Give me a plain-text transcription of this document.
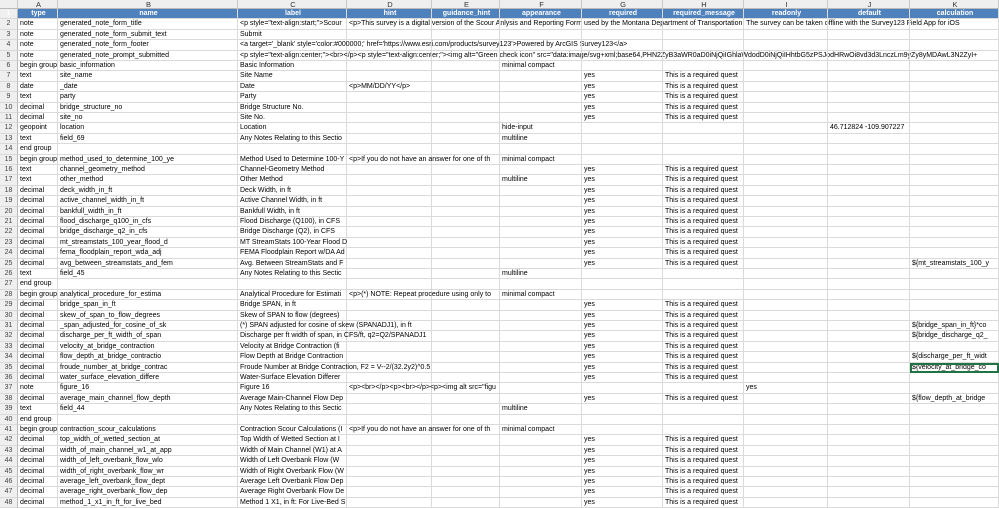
A	B	C	D	E	F	G	H	I	J	K
1	type	name	label	hint	guidance_hint	appearance	required	required_message	readonly	default	calculation
2	note	generated_note_form_title	<p style="text-align:start;">Scour	<p>This survey is a digital version of the Scour Anlysis and Reporting Form used by the Montana Department of Transportation. The survey can be taken offline with the Survey123 Field App for iOS
3	note	generated_note_form_submit_text	Submit
4	note	generated_note_form_footer	<a target='_blank' style='color:#000000;' href='https://www.esri.com/products/survey123'>Powered by ArcGIS Survey123</a>
5	note	generated_note_prompt_submitted	<p style="text-align:center;"><br></p><p style="text-align:center;"><img alt="Green check icon" src="data:image/svg+xml;base64,PHN2ZyB3aWR0aD0iNjQiIGhlaWdodD0iNjQiIHhtbG5zPSJodHRwOi8vd3d3LnczLm9yZy8yMDAwL3N2ZyI+
6	begin group basic_information	Basic Information	minimal compact
7	text	site_name	Site Name	yes	This is a required quest
8	date	_date	Date	<p>MM/DD/YY</p>	yes	This is a required quest
9	text	party	Party	yes	This is a required quest
10	decimal	bridge_structure_no	Bridge Structure No.	yes	This is a required quest
11	decimal	site_no	Site No.	yes	This is a required quest
12	geopoint	location	Location	hide-input	46.712824 -109.907227
13	text	field_69	Any Notes Relating to this Sectio	multiline
14	end group
15	begin group method_used_to_determine_100_ye	Method Used to Determine 100-Y <p>If you do not have an answer for one of th minimal compact
16	text	channel_geometry_method	Channel-Geometry Method	yes	This is a required quest
17	text	other_method	Other Method	multiline	yes	This is a required quest
18	decimal	deck_width_in_ft	Deck Width, in ft	yes	This is a required quest
19	decimal	active_channel_width_in_ft	Active Channel Width, in ft	yes	This is a required quest
20	decimal	bankfull_width_in_ft	Bankfull Width, in ft	yes	This is a required quest
21	decimal	flood_discharge_q100_in_cfs	Flood Discharge (Q100), in CFS	yes	This is a required quest
22	decimal	bridge_discharge_q2_in_cfs	Bridge Discharge (Q2), in CFS	yes	This is a required quest
23	decimal	mt_streamstats_100_year_flood_d	MT StreamStats 100-Year Flood D	yes	This is a required quest
24	decimal	fema_floodplain_report_wda_adj	FEMA Floodplain Report w/DA Ad	yes	This is a required quest
25	decimal	avg_between_streamstats_and_fem	Avg. Between StreamStats and F	yes	This is a required quest	${mt_streamstats_100_y
26	text	field_45	Any Notes Relating to this Sectic	multiline
27	end group
28	begin group analytical_procedure_for_estima	Analytical Procedure for Estimati	<p>(*) NOTE: Repeat procedure using only to minimal compact
29	decimal	bridge_span_in_ft	Bridge SPAN, in ft	yes	This is a required quest
30	decimal	skew_of_span_to_flow_degrees	Skew of SPAN to flow (degrees)	yes	This is a required quest
31	decimal	_span_adjusted_for_cosine_of_sk	(*) SPAN adjusted for cosine of skew (SPANADJ1), in ft	yes	This is a required quest	${bridge_span_in_ft}*co
32	decimal	discharge_per_ft_width_of_span	Discharge per ft width of span, in CFS/ft, q2=Q2/SPANADJ1	yes	This is a required quest	${bridge_discharge_q2_
33	decimal	velocity_at_bridge_contraction	Velocity at Bridge Contraction (fi	yes	This is a required quest
34	decimal	flow_depth_at_bridge_contractio	Flow Depth at Bridge Contraction	yes	This is a required quest	${discharge_per_ft_widt
35	decimal	froude_number_at_bridge_contrac	Froude Number at Bridge Contraction, F2 = V--2/(32.2y2)^0.5	yes	This is a required quest	${velocity_at_bridge_co
36	decimal	water_surface_elevation_differe	Water-Surface Elevation Differer	yes	This is a required quest
37	note	figure_16	Figure 16	<p><br></p><p><br></p><p><img alt src="figu	yes
38	decimal	average_main_channel_flow_depth	Average Main-Channel Flow Dep	yes	This is a required quest	${flow_depth_at_bridge
39	text	field_44	Any Notes Relating to this Sectic	multiline
40	end group
41	begin group contraction_scour_calculations	Contraction Scour Calculations (I <p>If you do not have an answer for one of th minimal compact
42	decimal	top_width_of_wetted_section_at	Top Width of Wetted Section at I	yes	This is a required quest
43	decimal	width_of_main_channel_w1_at_app	Width of Main Channel (W1) at A	yes	This is a required quest
44	decimal	width_of_left_overbank_flow_wlo	Width of Left Overbank Flow (W	yes	This is a required quest
45	decimal	width_of_right_overbank_flow_wr	Width of Right Overbank Flow (W	yes	This is a required quest
46	decimal	average_left_overbank_flow_dept	Average Left Overbank Flow Dep	yes	This is a required quest
47	decimal	average_right_overbank_flow_dep	Average Right Overbank Flow De	yes	This is a required quest
48	decimal	method_1_x1_in_ft_for_live_bed	Method 1 X1, in ft: For Live-Bed S	yes	This is a required quest
